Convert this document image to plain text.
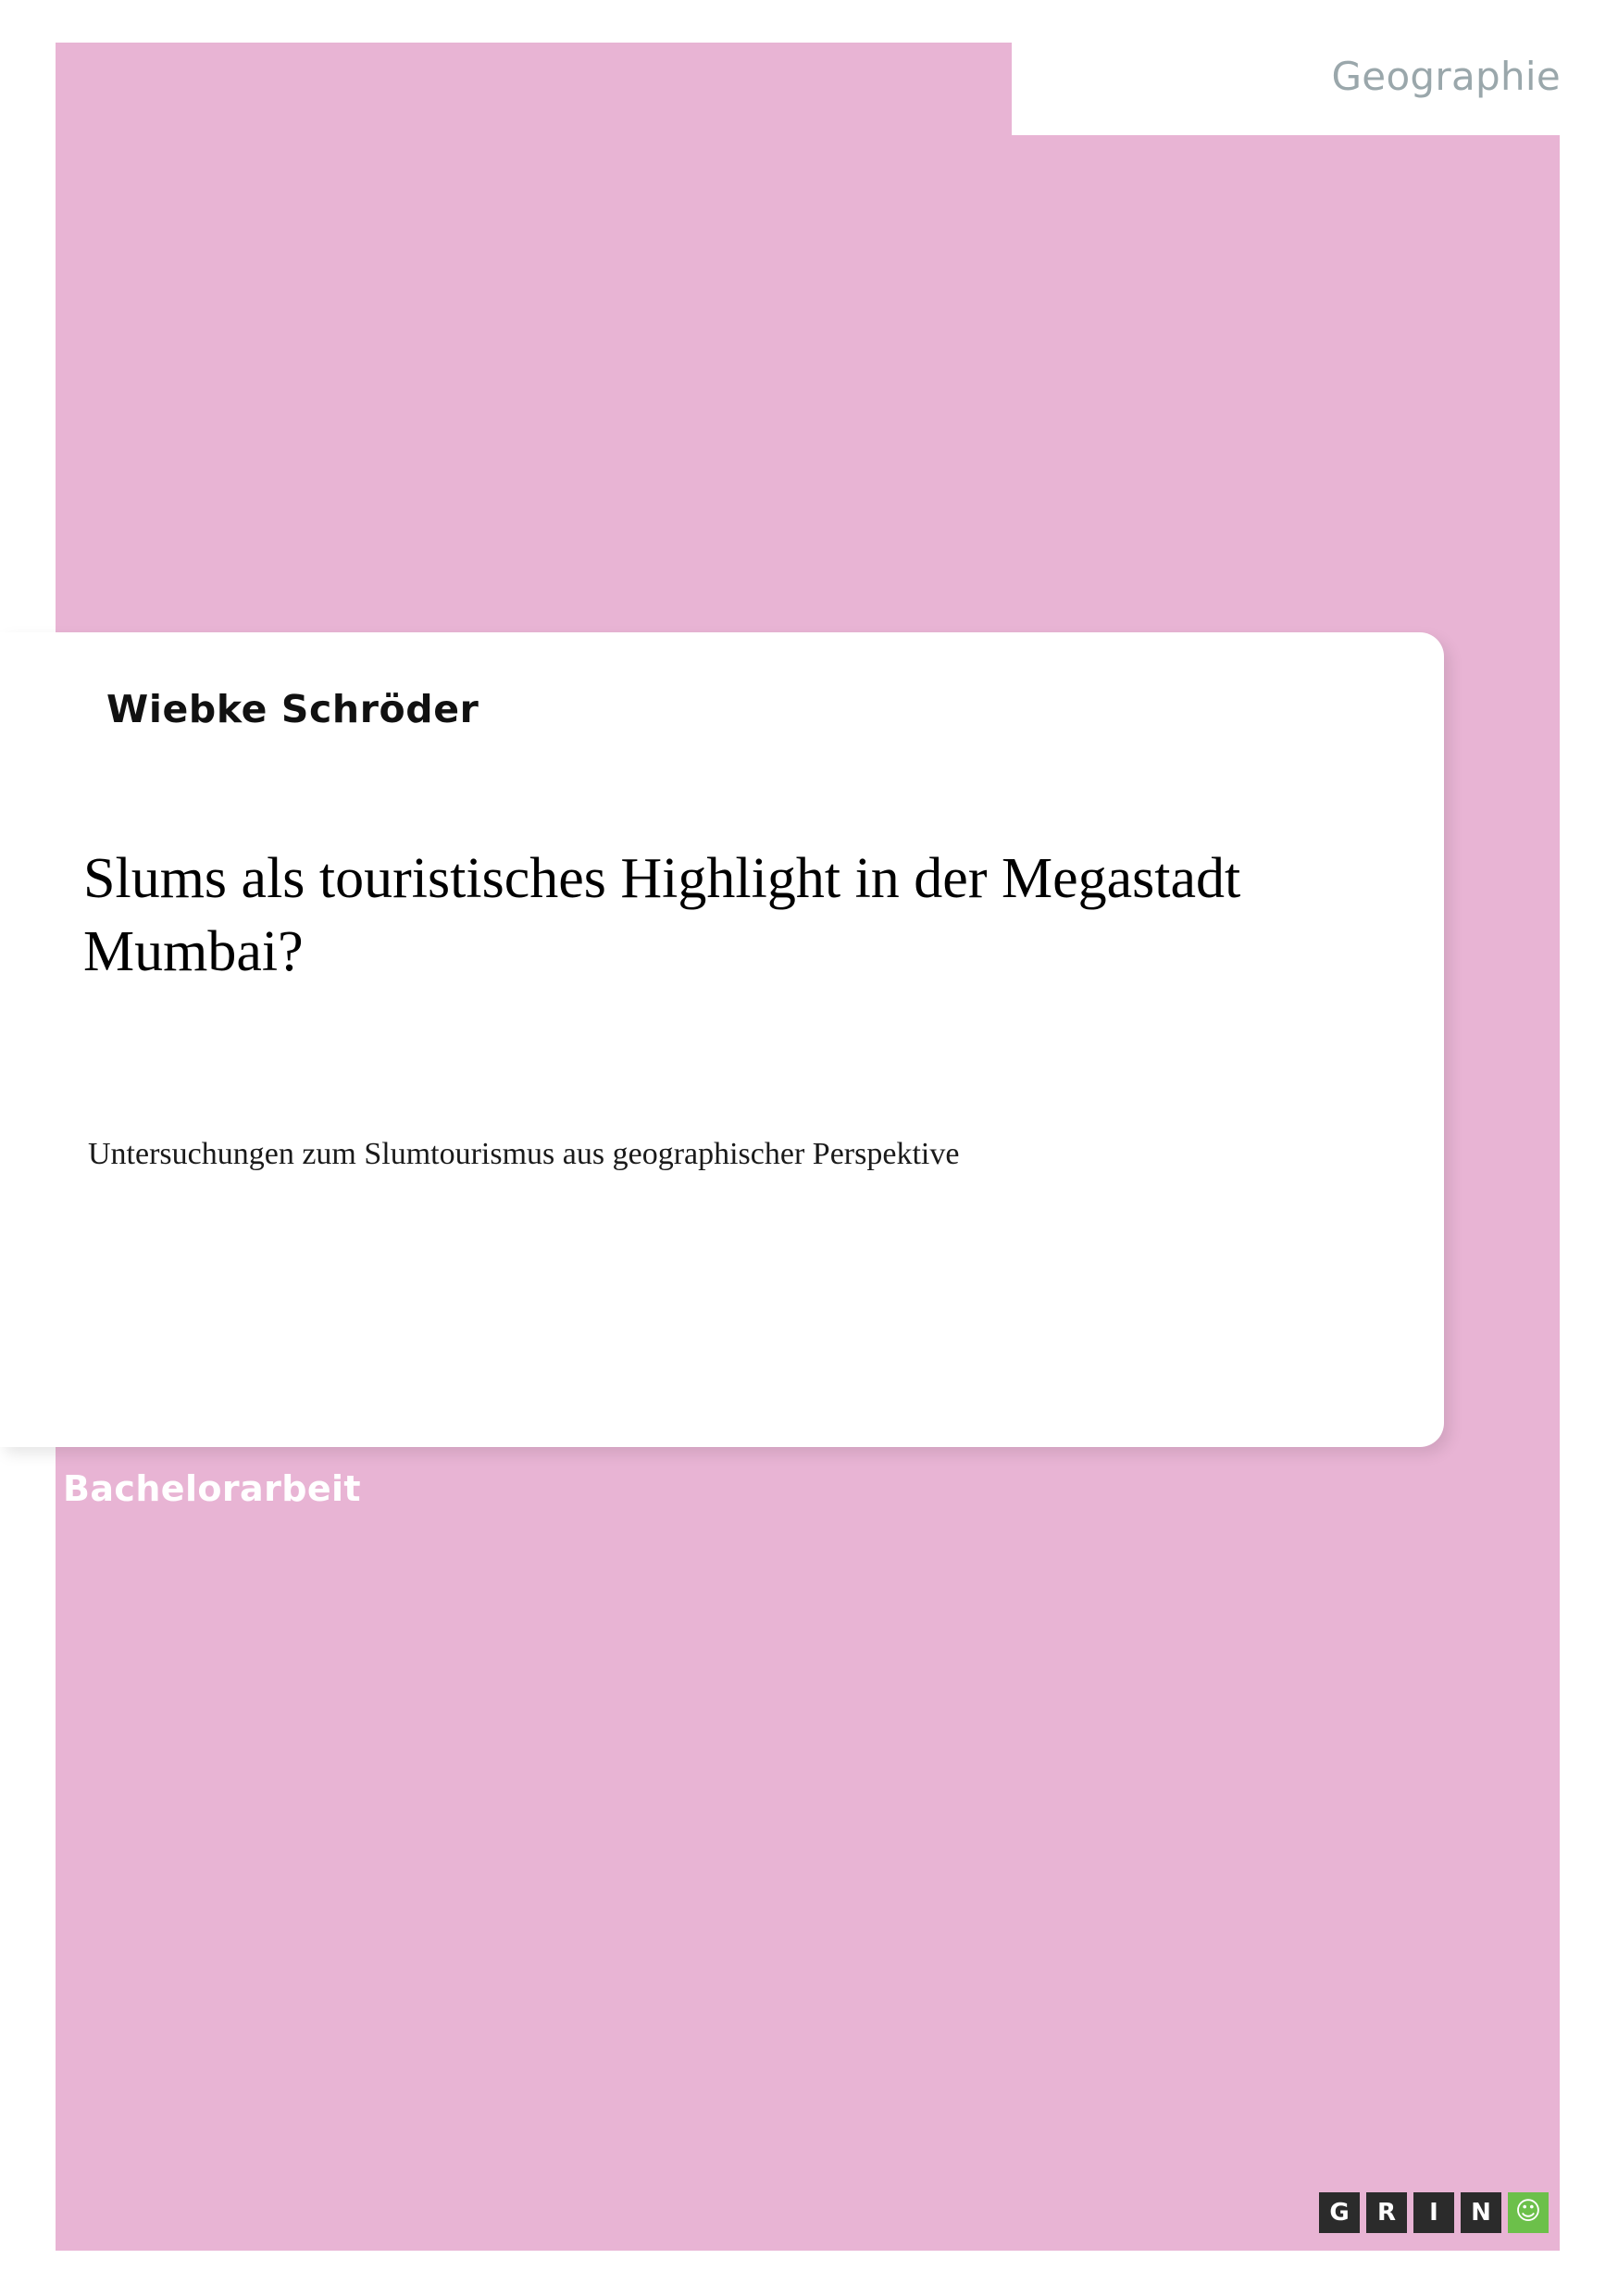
Geographie
Wiebke Schröder
Slums als touristisches Highlight in der Megastadt Mumbai?
Untersuchungen zum Slumtourismus aus geographischer Perspektive
Bachelorarbeit
G	R	I	N ☺
